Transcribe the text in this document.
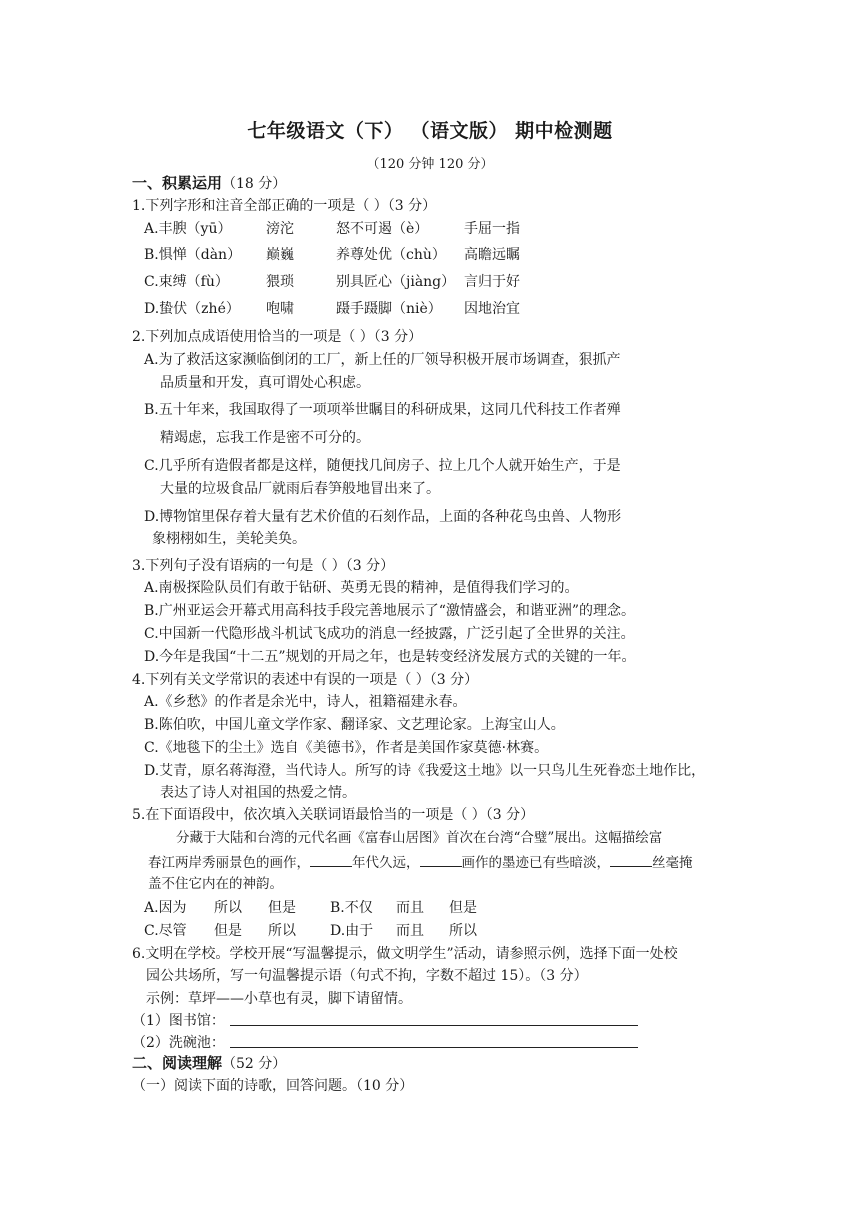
七年级语文（下） （语文版） 期中检测题
（120 分钟 120 分）
一、积累运用（18 分）
1.下列字形和注音全部正确的一项是（ ）（3 分）
A.丰腴（yū） 滂沱	怒不可遏（è）	手屈一指
B.惧惮（dàn） 巅巍	养尊处优（chù） 高瞻远瞩
C.束缚（fù）	猥琐	别具匠心（jiàng） 言归于好
D.蛰伏（zhé） 咆啸	蹑手蹑脚（niè） 因地治宜
2.下列加点成语使用恰当的一项是（ ）（3 分）
A.为了救活这家濒临倒闭的工厂，新上任的厂领导积极开展市场调查，狠抓产
品质量和开发，真可谓处心积虑。
B.五十年来，我国取得了一项项举世瞩目的科研成果，这同几代科技工作者殚
精竭虑，忘我工作是密不可分的。
C.几乎所有造假者都是这样，随便找几间房子、拉上几个人就开始生产，于是
大量的垃圾食品厂就雨后春笋般地冒出来了。
D.博物馆里保存着大量有艺术价值的石刻作品，上面的各种花鸟虫兽、人物形
象栩栩如生，美轮美奂。
3.下列句子没有语病的一句是（ ）（3 分）
A.南极探险队员们有敢于钻研、英勇无畏的精神，是值得我们学习的。
B.广州亚运会开幕式用高科技手段完善地展示了“激情盛会，和谐亚洲”的理念。
C.中国新一代隐形战斗机试飞成功的消息一经披露，广泛引起了全世界的关注。
D.今年是我国“十二五”规划的开局之年，也是转变经济发展方式的关键的一年。
4.下列有关文学常识的表述中有误的一项是（ ）（3 分）
A.《乡愁》的作者是余光中，诗人，祖籍福建永春。
B.陈伯吹，中国儿童文学作家、翻译家、文艺理论家。上海宝山人。
C.《地毯下的尘土》选自《美德书》，作者是美国作家莫德·林赛。
D.艾青，原名蒋海澄，当代诗人。所写的诗《我爱这土地》以一只鸟儿生死眷恋土地作比，
表达了诗人对祖国的热爱之情。
5.在下面语段中，依次填入关联词语最恰当的一项是（ ）（3 分）
分藏于大陆和台湾的元代名画《富春山居图》首次在台湾“合璧”展出。这幅描绘富
春江两岸秀丽景色的画作，	年代久远，	画作的墨迹已有些暗淡，	丝毫掩
盖不住它内在的神韵。
A.因为 所以 但是 B.不仅 而且 但是
C.尽管 但是 所以 D.由于 而且 所以
6.文明在学校。学校开展“写温馨提示，做文明学生”活动，请参照示例，选择下面一处校
园公共场所，写一句温馨提示语（句式不拘，字数不超过 15）。（3 分）
示例：草坪——小草也有灵，脚下请留情。
（1）图书馆：
（2）洗碗池：
二、阅读理解（52 分）
（一）阅读下面的诗歌，回答问题。（10 分）
